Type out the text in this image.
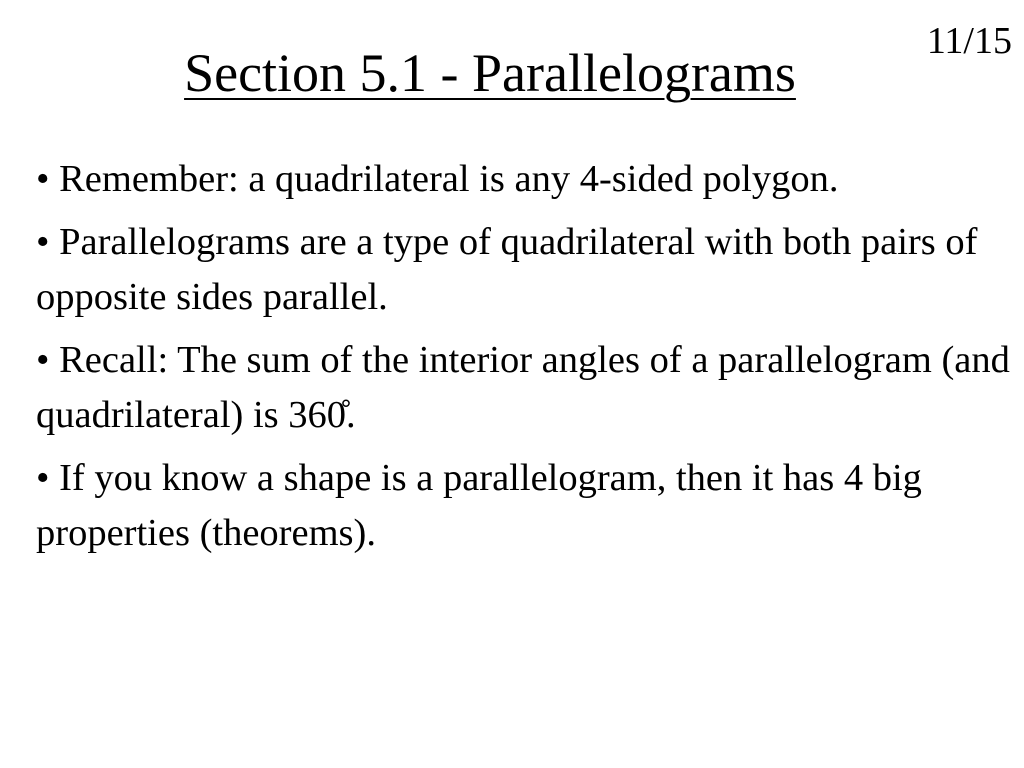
11/15
Section 5.1 - Parallelograms
• Remember: a quadrilateral is any 4-sided polygon.
• Parallelograms are a type of quadrilateral with both pairs of opposite sides parallel.
• Recall: The sum of the interior angles of a parallelogram (and quadrilateral) is 360̊.
• If you know a shape is a parallelogram, then it has 4 big properties (theorems).
